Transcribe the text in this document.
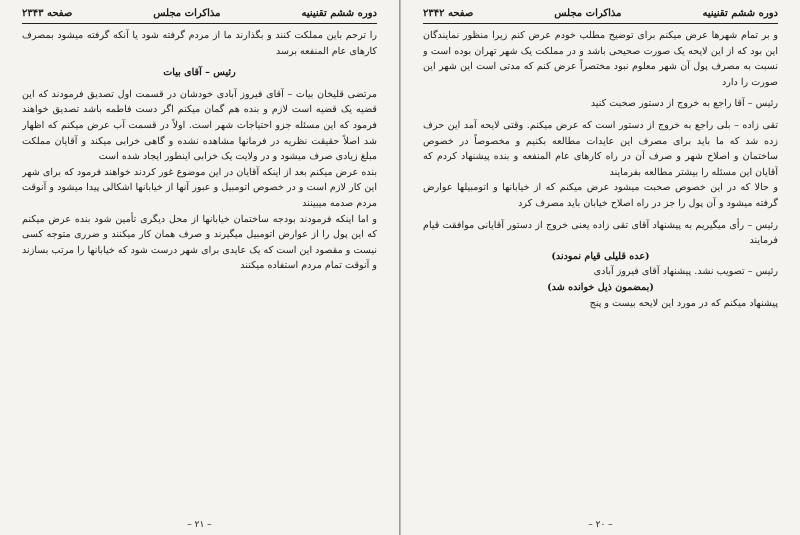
دوره ششم تقنینیه
مذاکرات مجلس
صفحه ۲۳۴۳

را ترحم باین مملکت کنند و بگذارند ما از مردم گرفته شود یا آنکه گرفته میشود بمصرف کارهای عام المنفعه برسد

رئیس – آقای بیات

مرتضی قلیخان بیات – آقای فیروز آبادی خودشان در قسمت اول تصدیق فرمودند که این قضیه یک قضیه است لازم و بنده هم گمان میکنم اگر دست فاطمه باشد تصدیق خواهند فرمود که این مسئله جزو احتیاجات شهر است. اولاً در قسمت آب عرض میکنم که اظهار شد اصلاً حقیقت نظریه در فرمانها مشاهده نشده و گاهی خرابی میکند و آقایان مملکت مبلغ زیادی صرف میشود و در ولایت یک خرابی اینطور ایجاد شده است

بنده عرض میکنم بعد از اینکه آقایان در این موضوع غور کردند خواهند فرمود که برای شهر این کار لازم است و در خصوص اتومبیل و عبور آنها از خیابانها اشکالی پیدا میشود و آنوقت مردم صدمه میبینند

و اما اینکه فرمودند بودجه ساختمان خیابانها از محل دیگری تأمین شود بنده عرض میکنم که این پول را از عوارض اتومبیل میگیرند و صرف همان کار میکنند و ضرری متوجه کسی نیست و مقصود این است که یک عایدی برای شهر درست شود که خیابانها را مرتب بسازند و آنوقت تمام مردم استفاده میکنند

– ۲۱ –
دوره ششم تقنینیه
مذاکرات مجلس
صفحه ۲۳۴۲

و بر تمام شهرها عرض میکنم برای توضیح مطلب خودم عرض کنم زیرا منظور نمایندگان این بود که از این لایحه یک صورت صحیحی باشد و در مملکت یک شهر تهران بوده است و نسبت به مصرف پول آن شهر معلوم نبود مختصراً عرض کنم که مدتی است این شهر این صورت را دارد

رئیس – آقا راجع به خروج از دستور صحبت کنید

تقی زاده – بلی راجع به خروج از دستور است که عرض میکنم. وقتی لایحه آمد این حرف زده شد که ما باید برای مصرف این عایدات مطالعه بکنیم و مخصوصاً در خصوص ساختمان و اصلاح شهر و صرف آن در راه کارهای عام المنفعه و بنده پیشنهاد کردم که آقایان این مسئله را بیشتر مطالعه بفرمایند

و حالا که در این خصوص صحبت میشود عرض میکنم که از خیابانها و اتومبیلها عوارض گرفته میشود و آن پول را جز در راه اصلاح خیابان باید مصرف کرد

رئیس – رأی میگیریم به پیشنهاد آقای تقی زاده یعنی خروج از دستور آقایانی موافقت قیام فرمایند

(عده قلیلی قیام نمودند)

رئیس – تصویب نشد. پیشنهاد آقای فیروز آبادی

(بمضمون ذیل خوانده شد)

پیشنهاد میکنم که در مورد این لایحه بیست و پنج

– ۲۰ –
